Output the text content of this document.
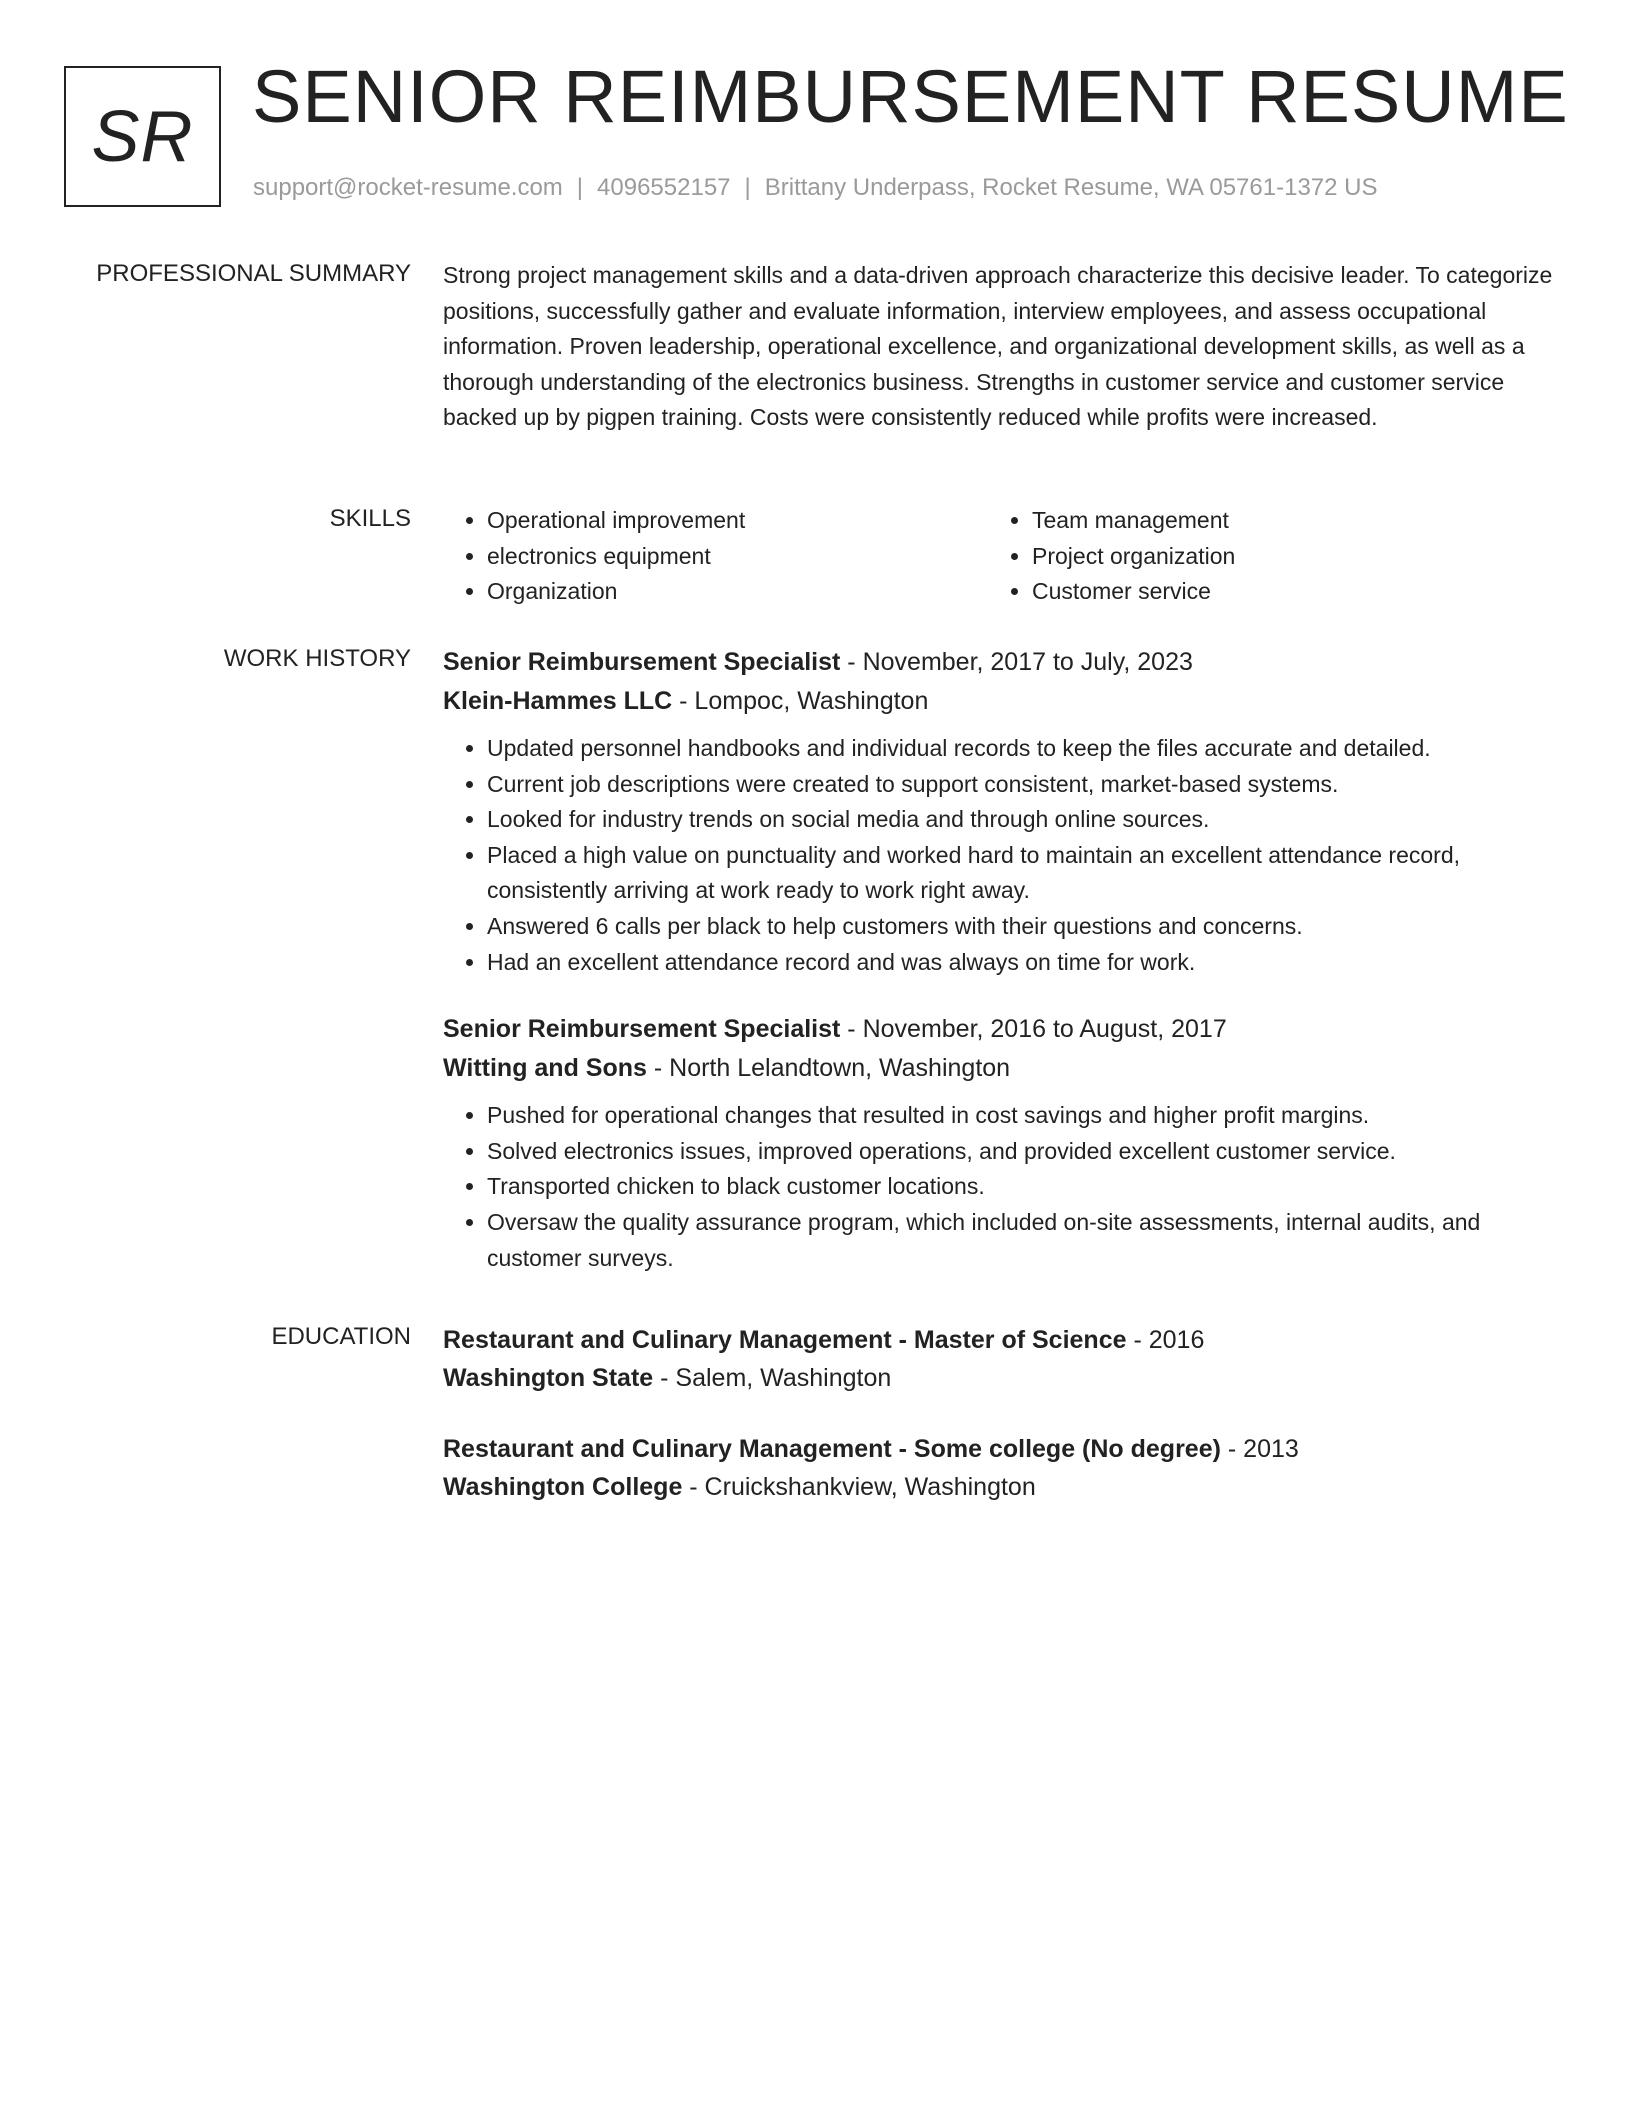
SR SENIOR REIMBURSEMENT RESUME
support@rocket-resume.com | 4096552157 | Brittany Underpass, Rocket Resume, WA 05761-1372 US
PROFESSIONAL SUMMARY Strong project management skills and a data-driven approach characterize this decisive leader. To categorize positions, successfully gather and evaluate information, interview employees, and assess occupational information. Proven leadership, operational excellence, and organizational development skills, as well as a thorough understanding of the electronics business. Strengths in customer service and customer service backed up by pigpen training. Costs were consistently reduced while profits were increased.

SKILLS
•	Operational improvement
• electronics equipment
• Organization
• Team management
• Project organization
• Customer service
WORK HISTORY Senior Reimbursement Specialist - November, 2017 to July, 2023
Klein-Hammes LLC - Lompoc, Washington
• Updated personnel handbooks and individual records to keep the files accurate and detailed.
• Current job descriptions were created to support consistent, market-based systems.
• Looked for industry trends on social media and through online sources.
• Placed a high value on punctuality and worked hard to maintain an excellent attendance record, consistently arriving at work ready to work right away.
• Answered 6 calls per black to help customers with their questions and concerns.
• Had an excellent attendance record and was always on time for work.
Senior Reimbursement Specialist - November, 2016 to August, 2017
Witting and Sons - North Lelandtown, Washington
• Pushed for operational changes that resulted in cost savings and higher profit margins.
• Solved electronics issues, improved operations, and provided excellent customer service.
• Transported chicken to black customer locations.
• Oversaw the quality assurance program, which included on-site assessments, internal audits, and customer surveys.
EDUCATION Restaurant and Culinary Management - Master of Science - 2016
Washington State - Salem, Washington
Restaurant and Culinary Management - Some college (No degree) - 2013
Washington College - Cruickshankview, Washington
